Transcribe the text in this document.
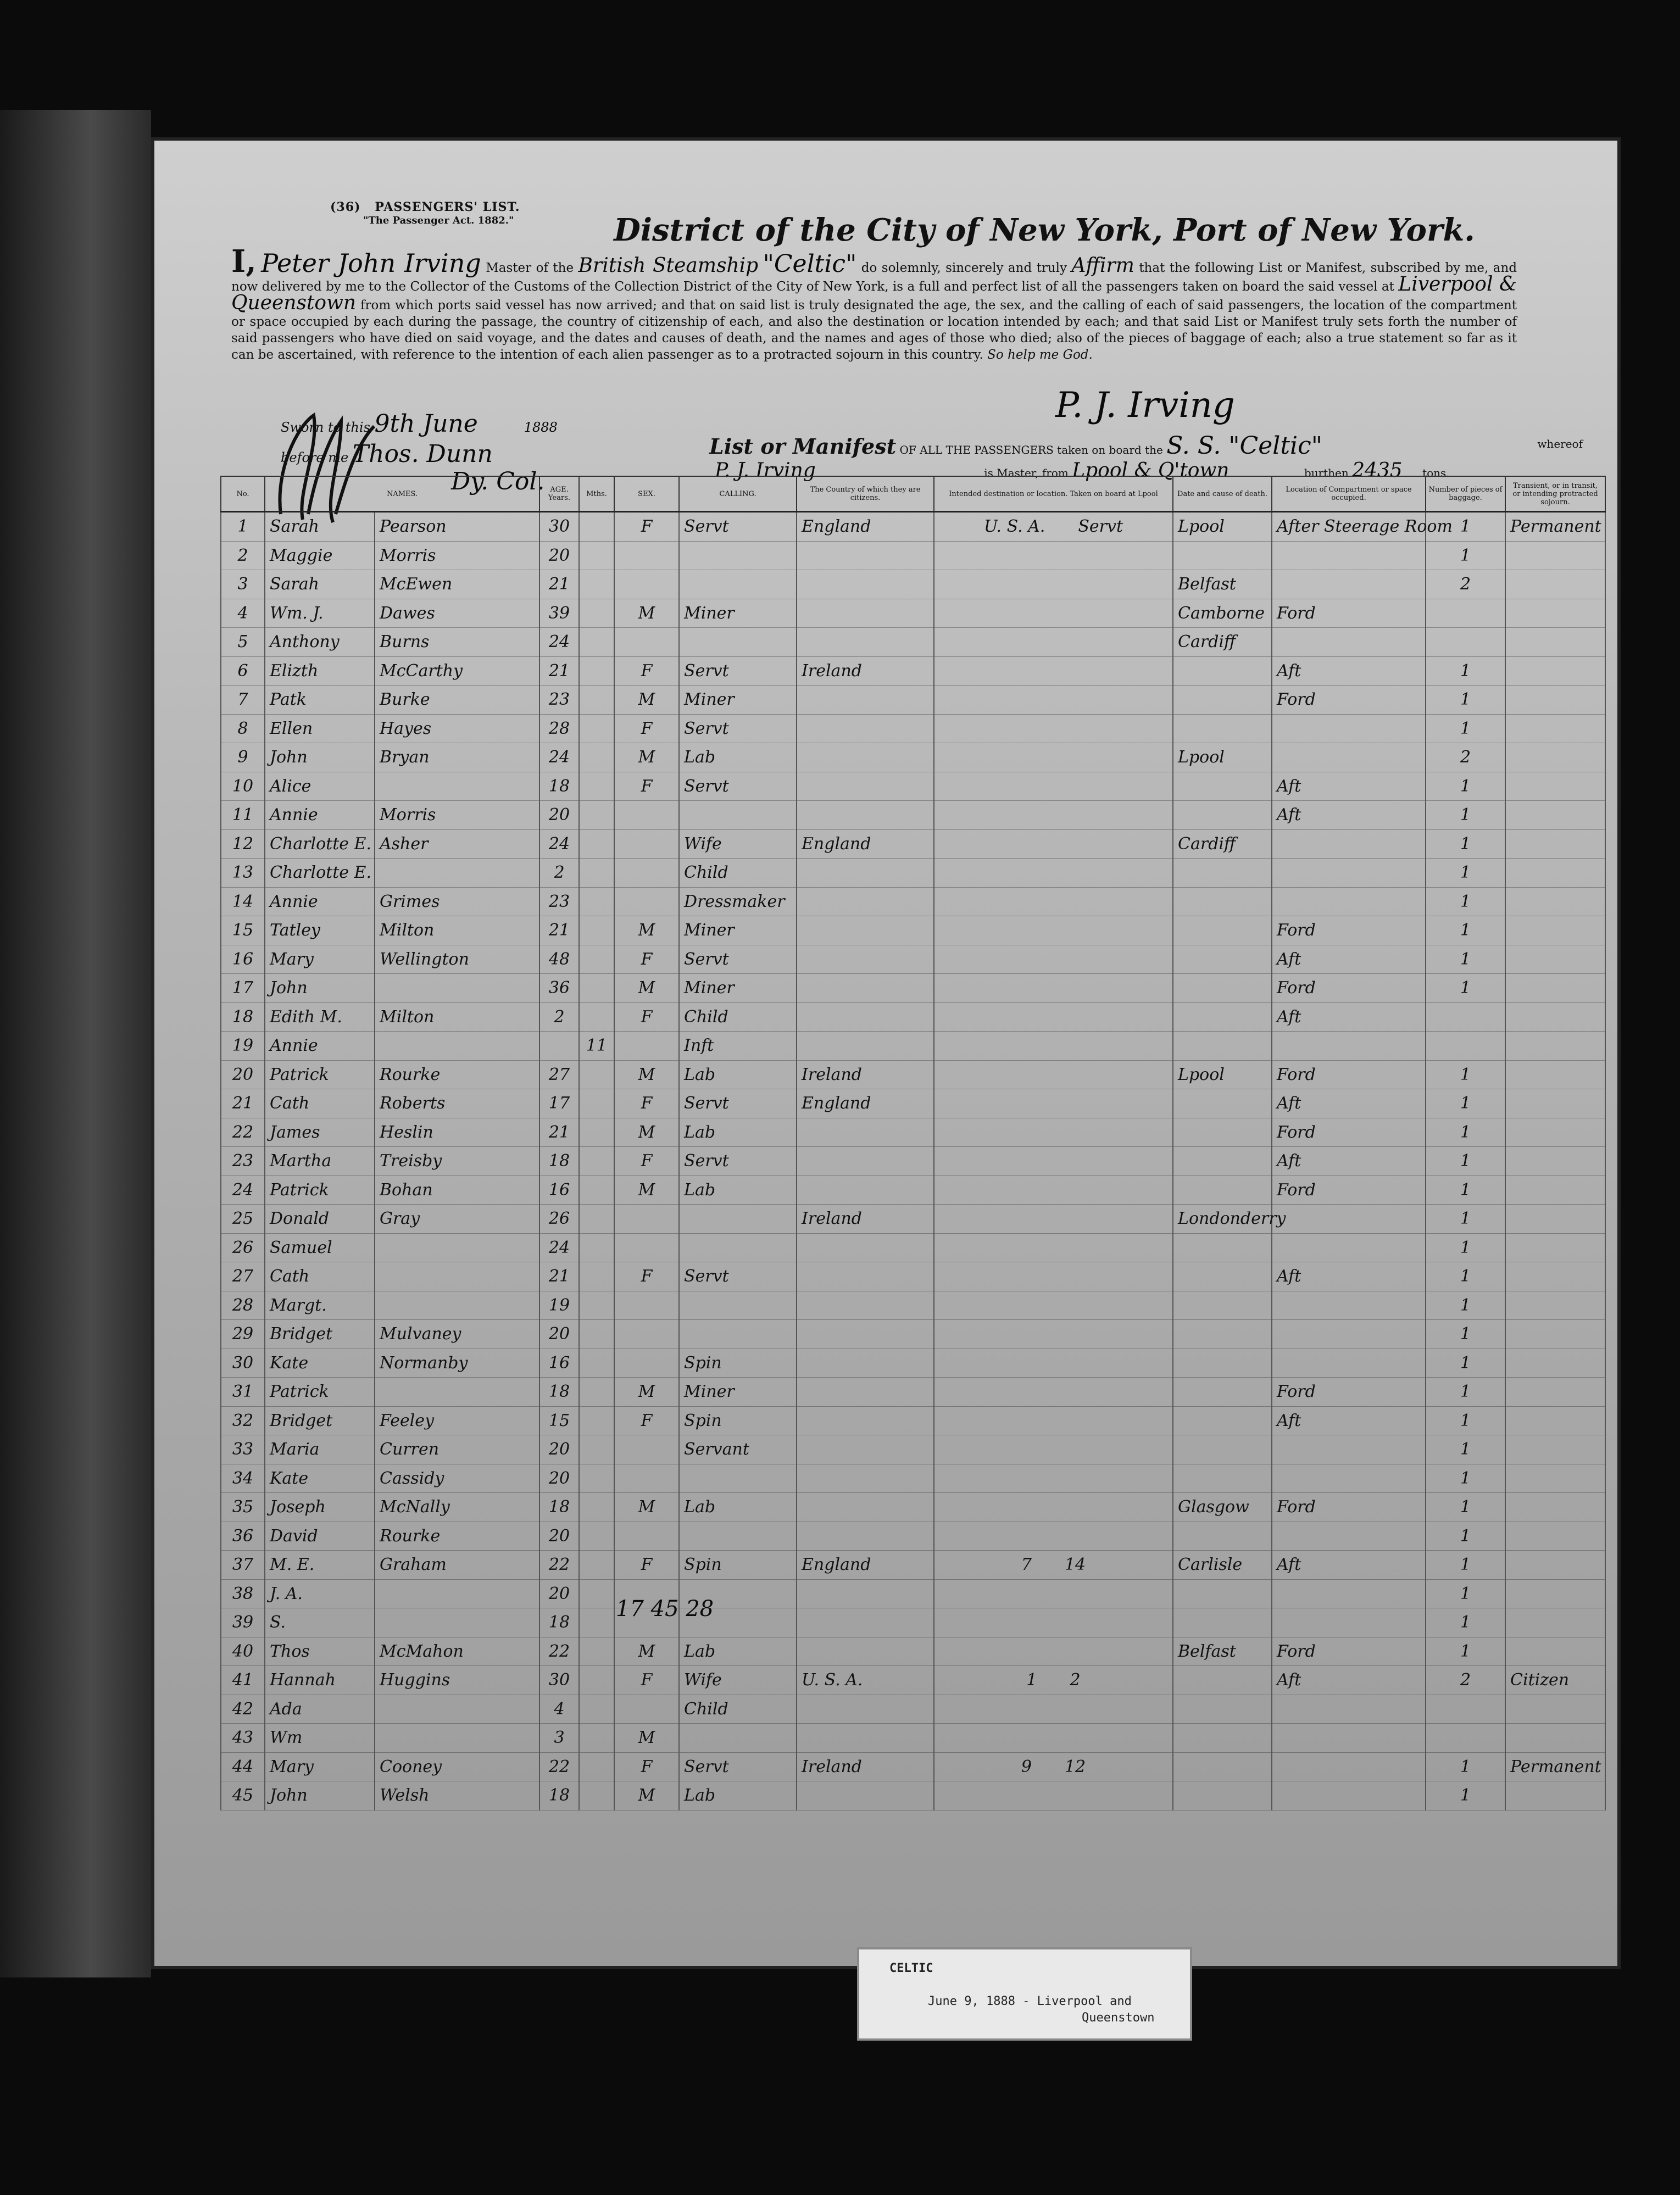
(36) PASSENGERS' LIST.
"The Passenger Act. 1882."	District of the City of New York, Port of New York.
I, Peter John Irving Master of the British Steamship "Celtic" do solemnly, sincerely and truly Affirm that the following List or Manifest, subscribed by me, and now delivered by me to the Collector of the Customs of the Collection District of the City of New York, is a full and perfect list of all the passengers taken on board the said vessel at Liverpool & Queenstown from which ports said vessel has now arrived; and that on said list is truly designated the age, the sex, and the calling of each of said passengers, the location of the compartment or space occupied by each during the passage, the country of citizenship of each, and also the destination or location intended by each; and that said List or Manifest truly sets forth the number of said passengers who have died on said voyage, and the dates and causes of death, and the names and ages of those who died; also of the pieces of baggage of each; also a true statement so far as it can be ascertained, with reference to the intention of each alien passenger as to a protracted sojourn in this country. So help me God.
Sworn to this 9th June	1888
before me Thos. Dunn
Dy. Col.
P. J. Irving
List or Manifest OF ALL THE PASSENGERS taken on board the S. S. "Celtic"	whereof
P. J. Irving	is Master, from Lpool & Q'town	burthen 2435 tons.
No.	NAMES.		AGE.
Years.	Mths.	SEX.	CALLING.	The Country of which they are citizens.	Intended destination or location. Taken on board at Lpool	Date and cause of death.	Location of Compartment or space occupied.	Number of pieces of baggage.	Transient, or in transit, or intending protracted sojourn.
1	Sarah	Pearson	30		F	Servt	England	U. S. A. Servt	Lpool	After Steerage Room	1	Permanent
2	Maggie	Morris	20								1	
3	Sarah	McEwen	21						Belfast		2	
4	Wm. J.	Dawes	39		M	Miner			Camborne	Ford		
5	Anthony	Burns	24						Cardiff			
6	Elizth	McCarthy	21		F	Servt	Ireland			Aft	1	
7	Patk	Burke	23		M	Miner				Ford	1	
8	Ellen	Hayes	28		F	Servt					1	
9	John	Bryan	24		M	Lab			Lpool		2	
10	Alice		18		F	Servt				Aft	1	
11	Annie	Morris	20							Aft	1	
12	Charlotte E.	Asher	24			Wife	England		Cardiff		1	
13	Charlotte E.		2			Child					1	
14	Annie	Grimes	23			Dressmaker					1	
15	Tatley	Milton	21		M	Miner				Ford	1	
16	Mary	Wellington	48		F	Servt				Aft	1	
17	John		36		M	Miner				Ford	1	
18	Edith M.	Milton	2		F	Child				Aft		
19	Annie			11		Inft						
20	Patrick	Rourke	27		M	Lab	Ireland		Lpool	Ford	1	
21	Cath	Roberts	17		F	Servt	England			Aft	1	
22	James	Heslin	21		M	Lab				Ford	1	
23	Martha	Treisby	18		F	Servt				Aft	1	
24	Patrick	Bohan	16		M	Lab				Ford	1	
25	Donald	Gray	26				Ireland		Londonderry		1	
26	Samuel		24								1	
27	Cath		21		F	Servt				Aft	1	
28	Margt.		19								1	
29	Bridget	Mulvaney	20								1	
30	Kate	Normanby	16			Spin					1	
31	Patrick		18		M	Miner				Ford	1	
32	Bridget	Feeley	15		F	Spin				Aft	1	
33	Maria	Curren	20			Servant					1	
34	Kate	Cassidy	20								1	
35	Joseph	McNally	18		M	Lab			Glasgow	Ford	1	
36	David	Rourke	20								1	
37	M. E.	Graham	22		F	Spin	England	7 14	Carlisle	Aft	1	
38	J. A.		20								1	
39	S.		18								1	
40	Thos	McMahon	22		M	Lab			Belfast	Ford	1	
41	Hannah	Huggins	30		F	Wife	U. S. A.	1 2		Aft	2	Citizen
42	Ada		4			Child						
43	Wm		3		M							
44	Mary	Cooney	22		F	Servt	Ireland	9 12			1	Permanent
45	John	Welsh	18		M	Lab					1	
17 45 28
CELTIC
June 9, 1888 - Liverpool and
Queenstown
